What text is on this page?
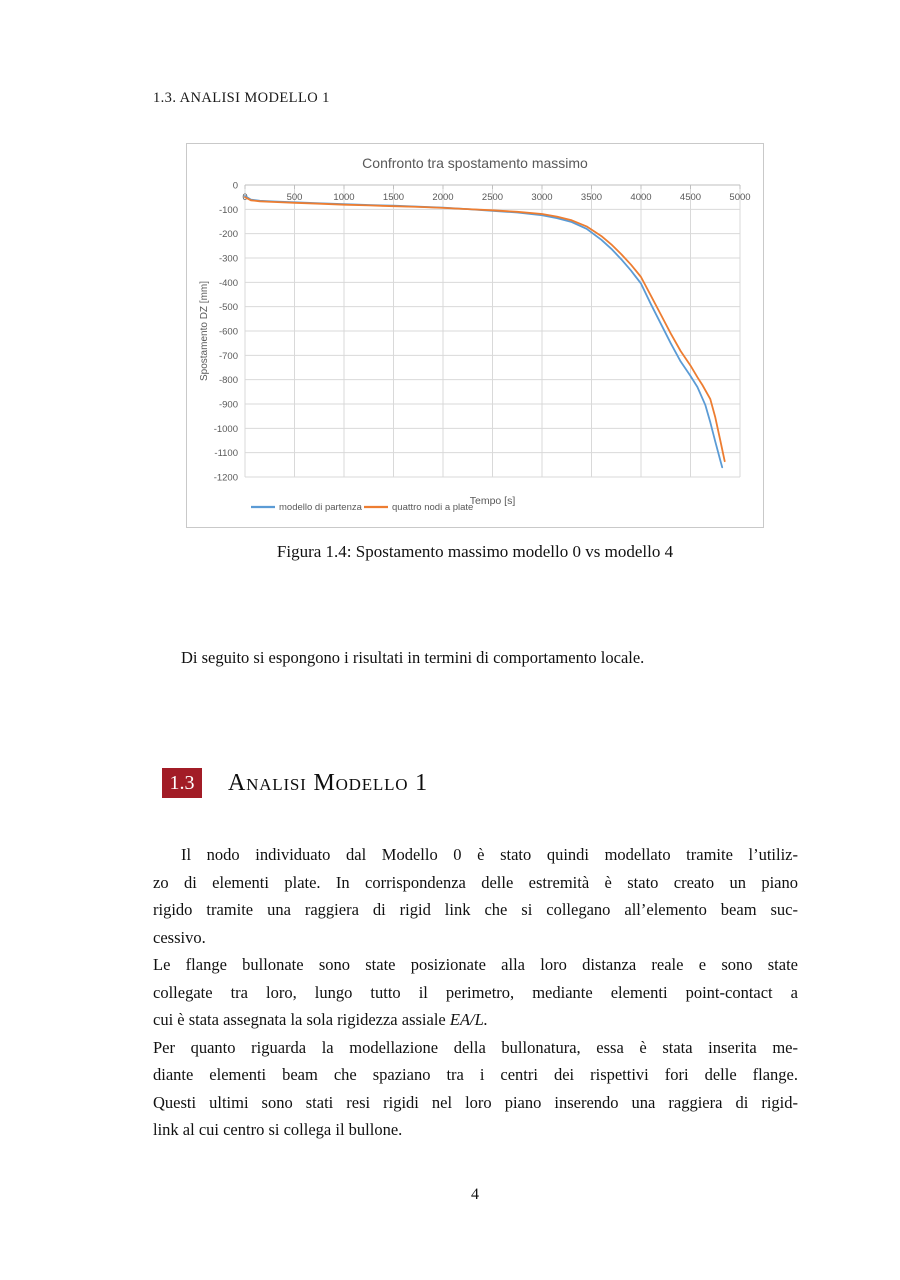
1.3. ANALISI MODELLO 1
0	500	1000	1500	2000	2500	3000	3500	4000	4500	5000
0
-100
-200
-300
-400
-500
-600
-700
-800
-900
-1000
-1100
-1200
Confronto tra spostamento massimo
Tempo [s]
Spostamento DZ [mm]
modello di partenza	quattro nodi a plate
Figura 1.4: Spostamento massimo modello 0 vs modello 4
Di seguito si espongono i risultati in termini di comportamento locale.
1.3	Analisi Modello 1
Il nodo individuato dal Modello 0 è stato quindi modellato tramite l’utiliz-
zo di elementi plate. In corrispondenza delle estremità è stato creato un piano
rigido tramite una raggiera di rigid link che si collegano all’elemento beam suc-
cessivo.
Le flange bullonate sono state posizionate alla loro distanza reale e sono state
collegate tra loro, lungo tutto il perimetro, mediante elementi point-contact a
cui è stata assegnata la sola rigidezza assiale EA/L.
Per quanto riguarda la modellazione della bullonatura, essa è stata inserita me-
diante elementi beam che spaziano tra i centri dei rispettivi fori delle flange.
Questi ultimi sono stati resi rigidi nel loro piano inserendo una raggiera di rigid-
link al cui centro si collega il bullone.
4
